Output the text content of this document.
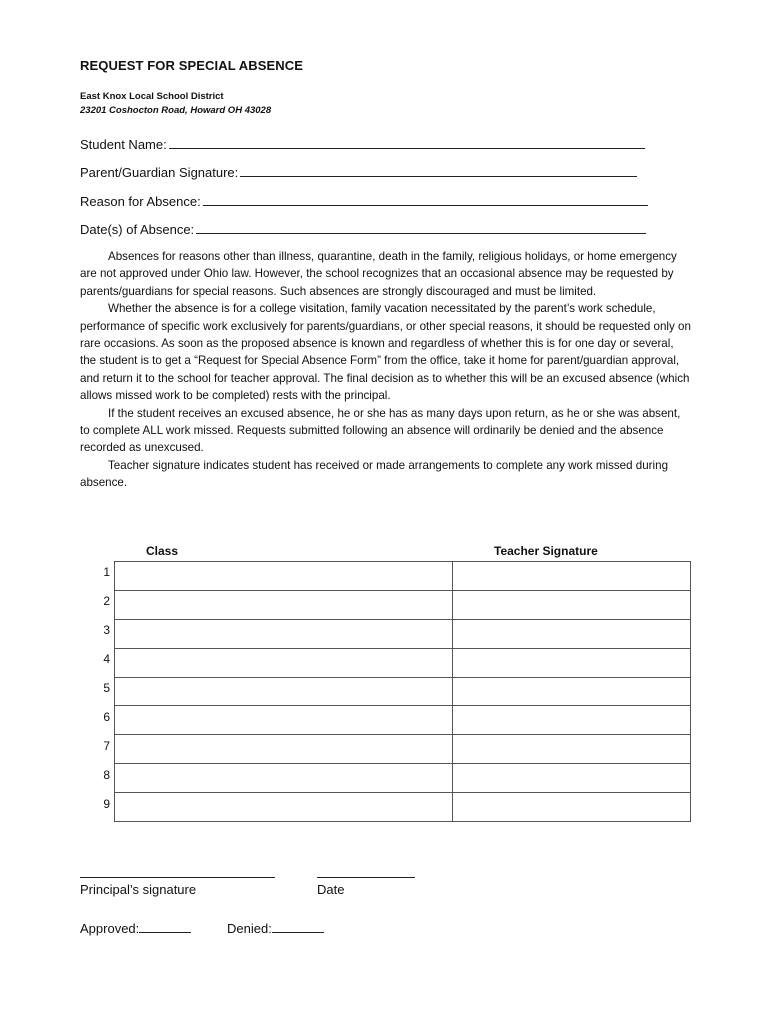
REQUEST FOR SPECIAL ABSENCE
East Knox Local School District
23201 Coshocton Road, Howard OH 43028
Student Name:
Parent/Guardian Signature:
Reason for Absence:
Date(s) of Absence:

Absences for reasons other than illness, quarantine, death in the family, religious holidays, or home emergency are not approved under Ohio law. However, the school recognizes that an occasional absence may be requested by parents/guardians for special reasons. Such absences are strongly discouraged and must be limited.

Whether the absence is for a college visitation, family vacation necessitated by the parent’s work schedule, performance of specific work exclusively for parents/guardians, or other special reasons, it should be requested only on rare occasions. As soon as the proposed absence is known and regardless of whether this is for one day or several, the student is to get a “Request for Special Absence Form” from the office, take it home for parent/guardian approval, and return it to the school for teacher approval. The final decision as to whether this will be an excused absence (which allows missed work to be completed) rests with the principal.

If the student receives an excused absence, he or she has as many days upon return, as he or she was absent, to complete ALL work missed. Requests submitted following an absence will ordinarily be denied and the absence recorded as unexcused.

Teacher signature indicates student has received or made arrangements to complete any work missed during absence.

Class	Teacher Signature

1
2
3
4
5
6
7
8
9
Principal’s signature	Date
Approved:	Denied:
